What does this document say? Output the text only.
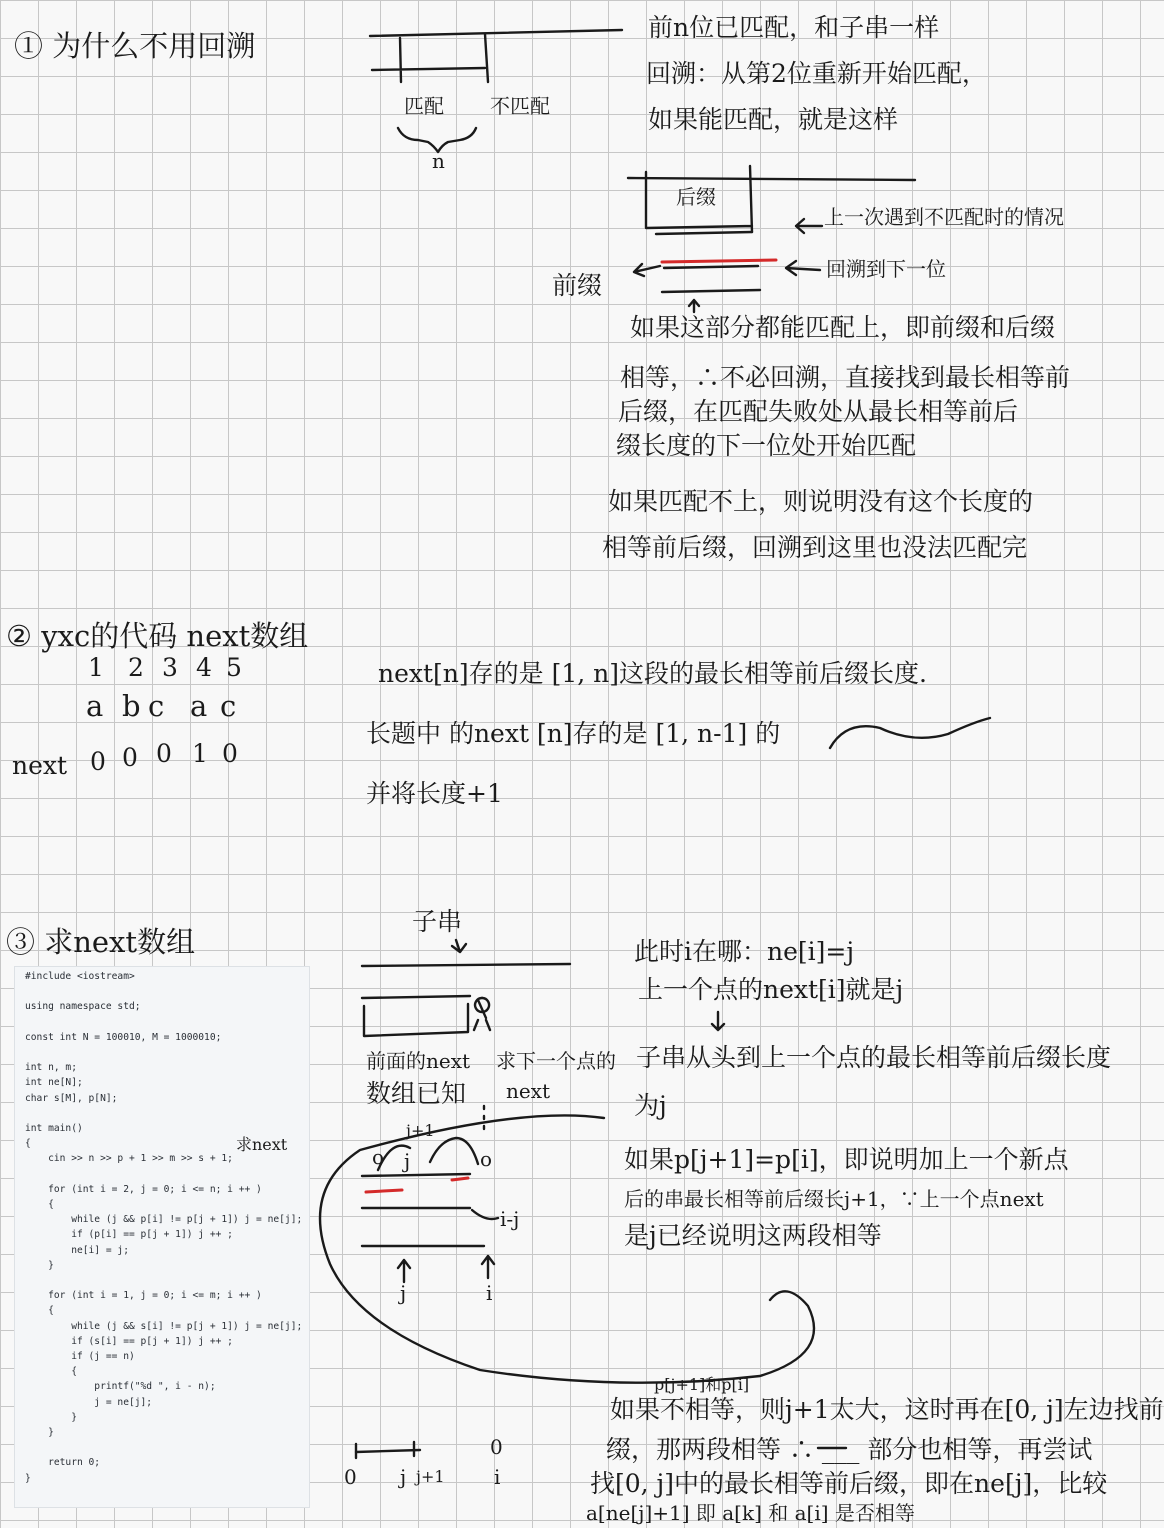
① 为什么不用回溯
匹配 不匹配
n
前n位已匹配，和子串一样
回溯：从第2位重新开始匹配，
如果能匹配，就是这样
后缀
上一次遇到不匹配时的情况
前缀
回溯到下一位
如果这部分都能匹配上，即前缀和后缀
相等，∴不必回溯，直接找到最长相等前
后缀，在匹配失败处从最长相等前后
缀长度的下一位处开始匹配
如果匹配不上，则说明没有这个长度的
相等前后缀，回溯到这里也没法匹配完
② yxc的代码 next数组
1 2 3 4 5
a b c a c
next 0 0 0 1 0
next[n]存的是 [1, n]这段的最长相等前后缀长度.
长题中 的next [n]存的是 [1, n-1] 的
并将长度+1
③ 求next数组
#include <iostream>
using namespace std;
const int N = 100010, M = 1000010;
int n, m;
int ne[N];
char s[M], p[N];
int main()
{
cin >> n >> p + 1 >> m >> s + 1;
for (int i = 2, j = 0; i <= n; i ++ )
{
while (j && p[i] != p[j + 1]) j = ne[j];
if (p[i] == p[j + 1]) j ++ ;
ne[i] = j;
}
for (int i = 1, j = 0; i <= m; i ++ )
{
while (j && s[i] != p[j + 1]) j = ne[j];
if (s[i] == p[j + 1]) j ++ ;
if (j == n)
{
printf("%d ", i - n);
j = ne[j];
}
}
return 0;
}
求next
子串
前面的next
数组已知
求下一个点的
next
j+1
o j	o
i-j
j	i
此时i在哪：ne[i]=j
上一个点的next[i]就是j
子串从头到上一个点的最长相等前后缀长度
为j
如果p[j+1]=p[i]，即说明加上一个新点
后的串最长相等前后缀长j+1，∵上一个点next
是j已经说明这两段相等
p[j+1]和p[i]
如果不相等，则j+1太大，这时再在[0, j]左边找前
缀，那两段相等 ∴ ___ 部分也相等，再尝试
找[0, j]中的最长相等前后缀，即在ne[j]，比较
a[ne[j]+1] 即 a[k] 和 a[i] 是否相等
0 j j+1 i
0
